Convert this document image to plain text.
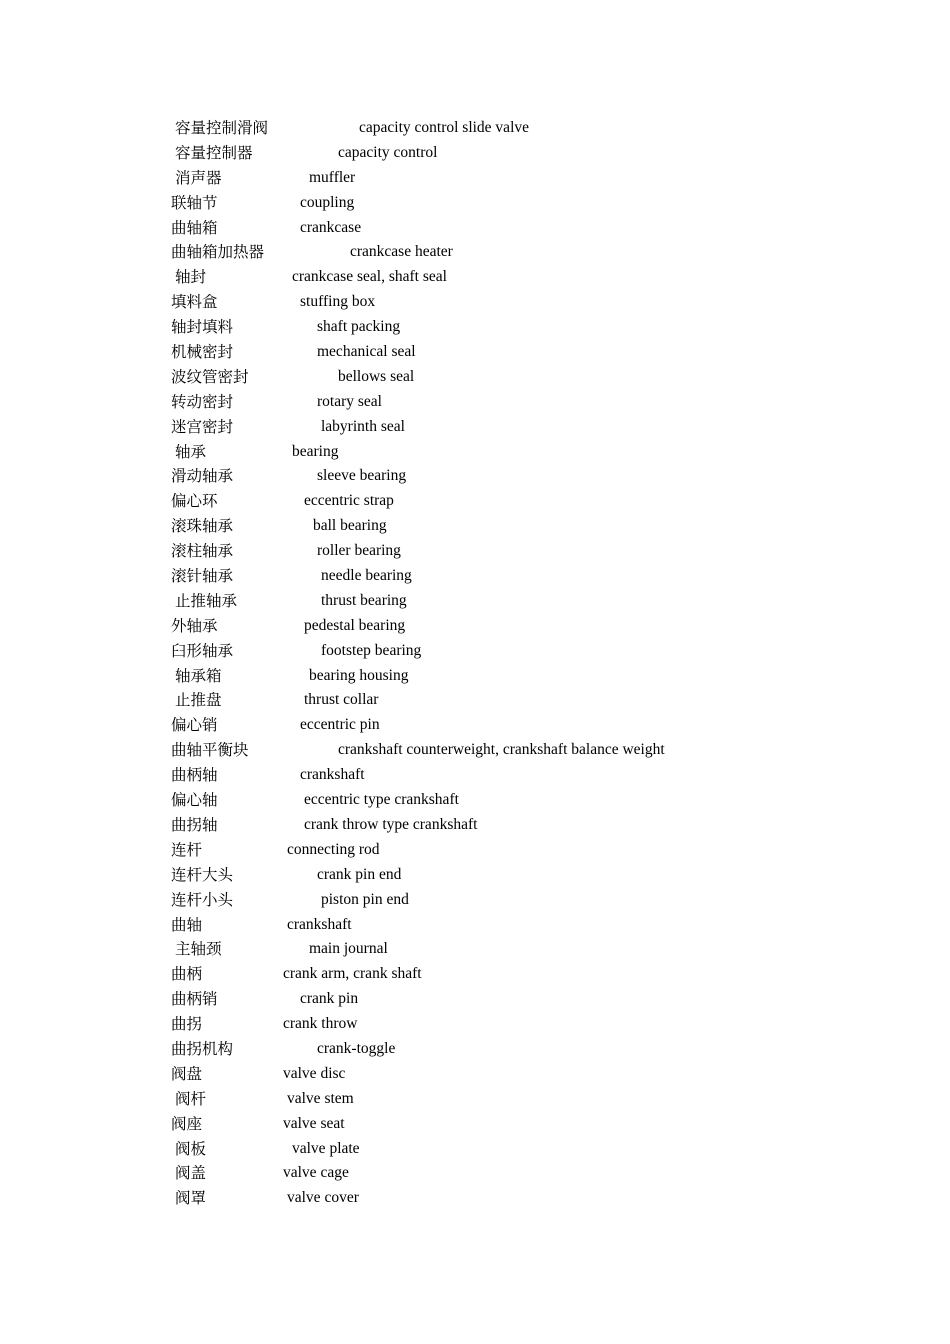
容量控制滑阀	capacity control slide valve
容量控制器	capacity control
消声器	muffler
联轴节	coupling
曲轴箱	crankcase
曲轴箱加热器	crankcase heater
轴封	crankcase seal, shaft seal
填料盒	stuffing box
轴封填料	shaft packing
机械密封	mechanical seal
波纹管密封	bellows seal
转动密封	rotary seal
迷宫密封	labyrinth seal
轴承	bearing
滑动轴承	sleeve bearing
偏心环	eccentric strap
滚珠轴承	ball bearing
滚柱轴承	roller bearing
滚针轴承	needle bearing
止推轴承	thrust bearing
外轴承	pedestal bearing
臼形轴承	footstep bearing
轴承箱	bearing housing
止推盘	thrust collar
偏心销	eccentric pin
曲轴平衡块	crankshaft counterweight, crankshaft balance weight
曲柄轴	crankshaft
偏心轴	eccentric type crankshaft
曲拐轴	crank throw type crankshaft
连杆	connecting rod
连杆大头	crank pin end
连杆小头	piston pin end
曲轴	crankshaft
主轴颈	main journal
曲柄	crank arm, crank shaft
曲柄销	crank pin
曲拐	crank throw
曲拐机构	crank-toggle
阀盘	valve disc
阀杆	valve stem
阀座	valve seat
阀板	valve plate
阀盖	valve cage
阀罩	valve cover
